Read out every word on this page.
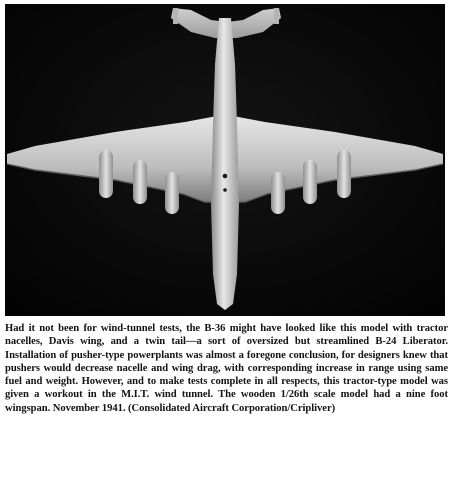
Had it not been for wind-tunnel tests, the B-36 might have looked like this model with tractor nacelles, Davis wing, and a twin tail—a sort of oversized but streamlined B-24 Liberator. Installation of pusher-type powerplants was almost a foregone conclusion, for designers knew that pushers would decrease nacelle and wing drag, with corresponding increase in range using same fuel and weight. However, and to make tests complete in all respects, this tractor-type model was given a workout in the M.I.T. wind tunnel. The wooden 1/26th scale model had a nine foot wingspan. November 1941. (Consolidated Aircraft Corporation/Cripliver)
